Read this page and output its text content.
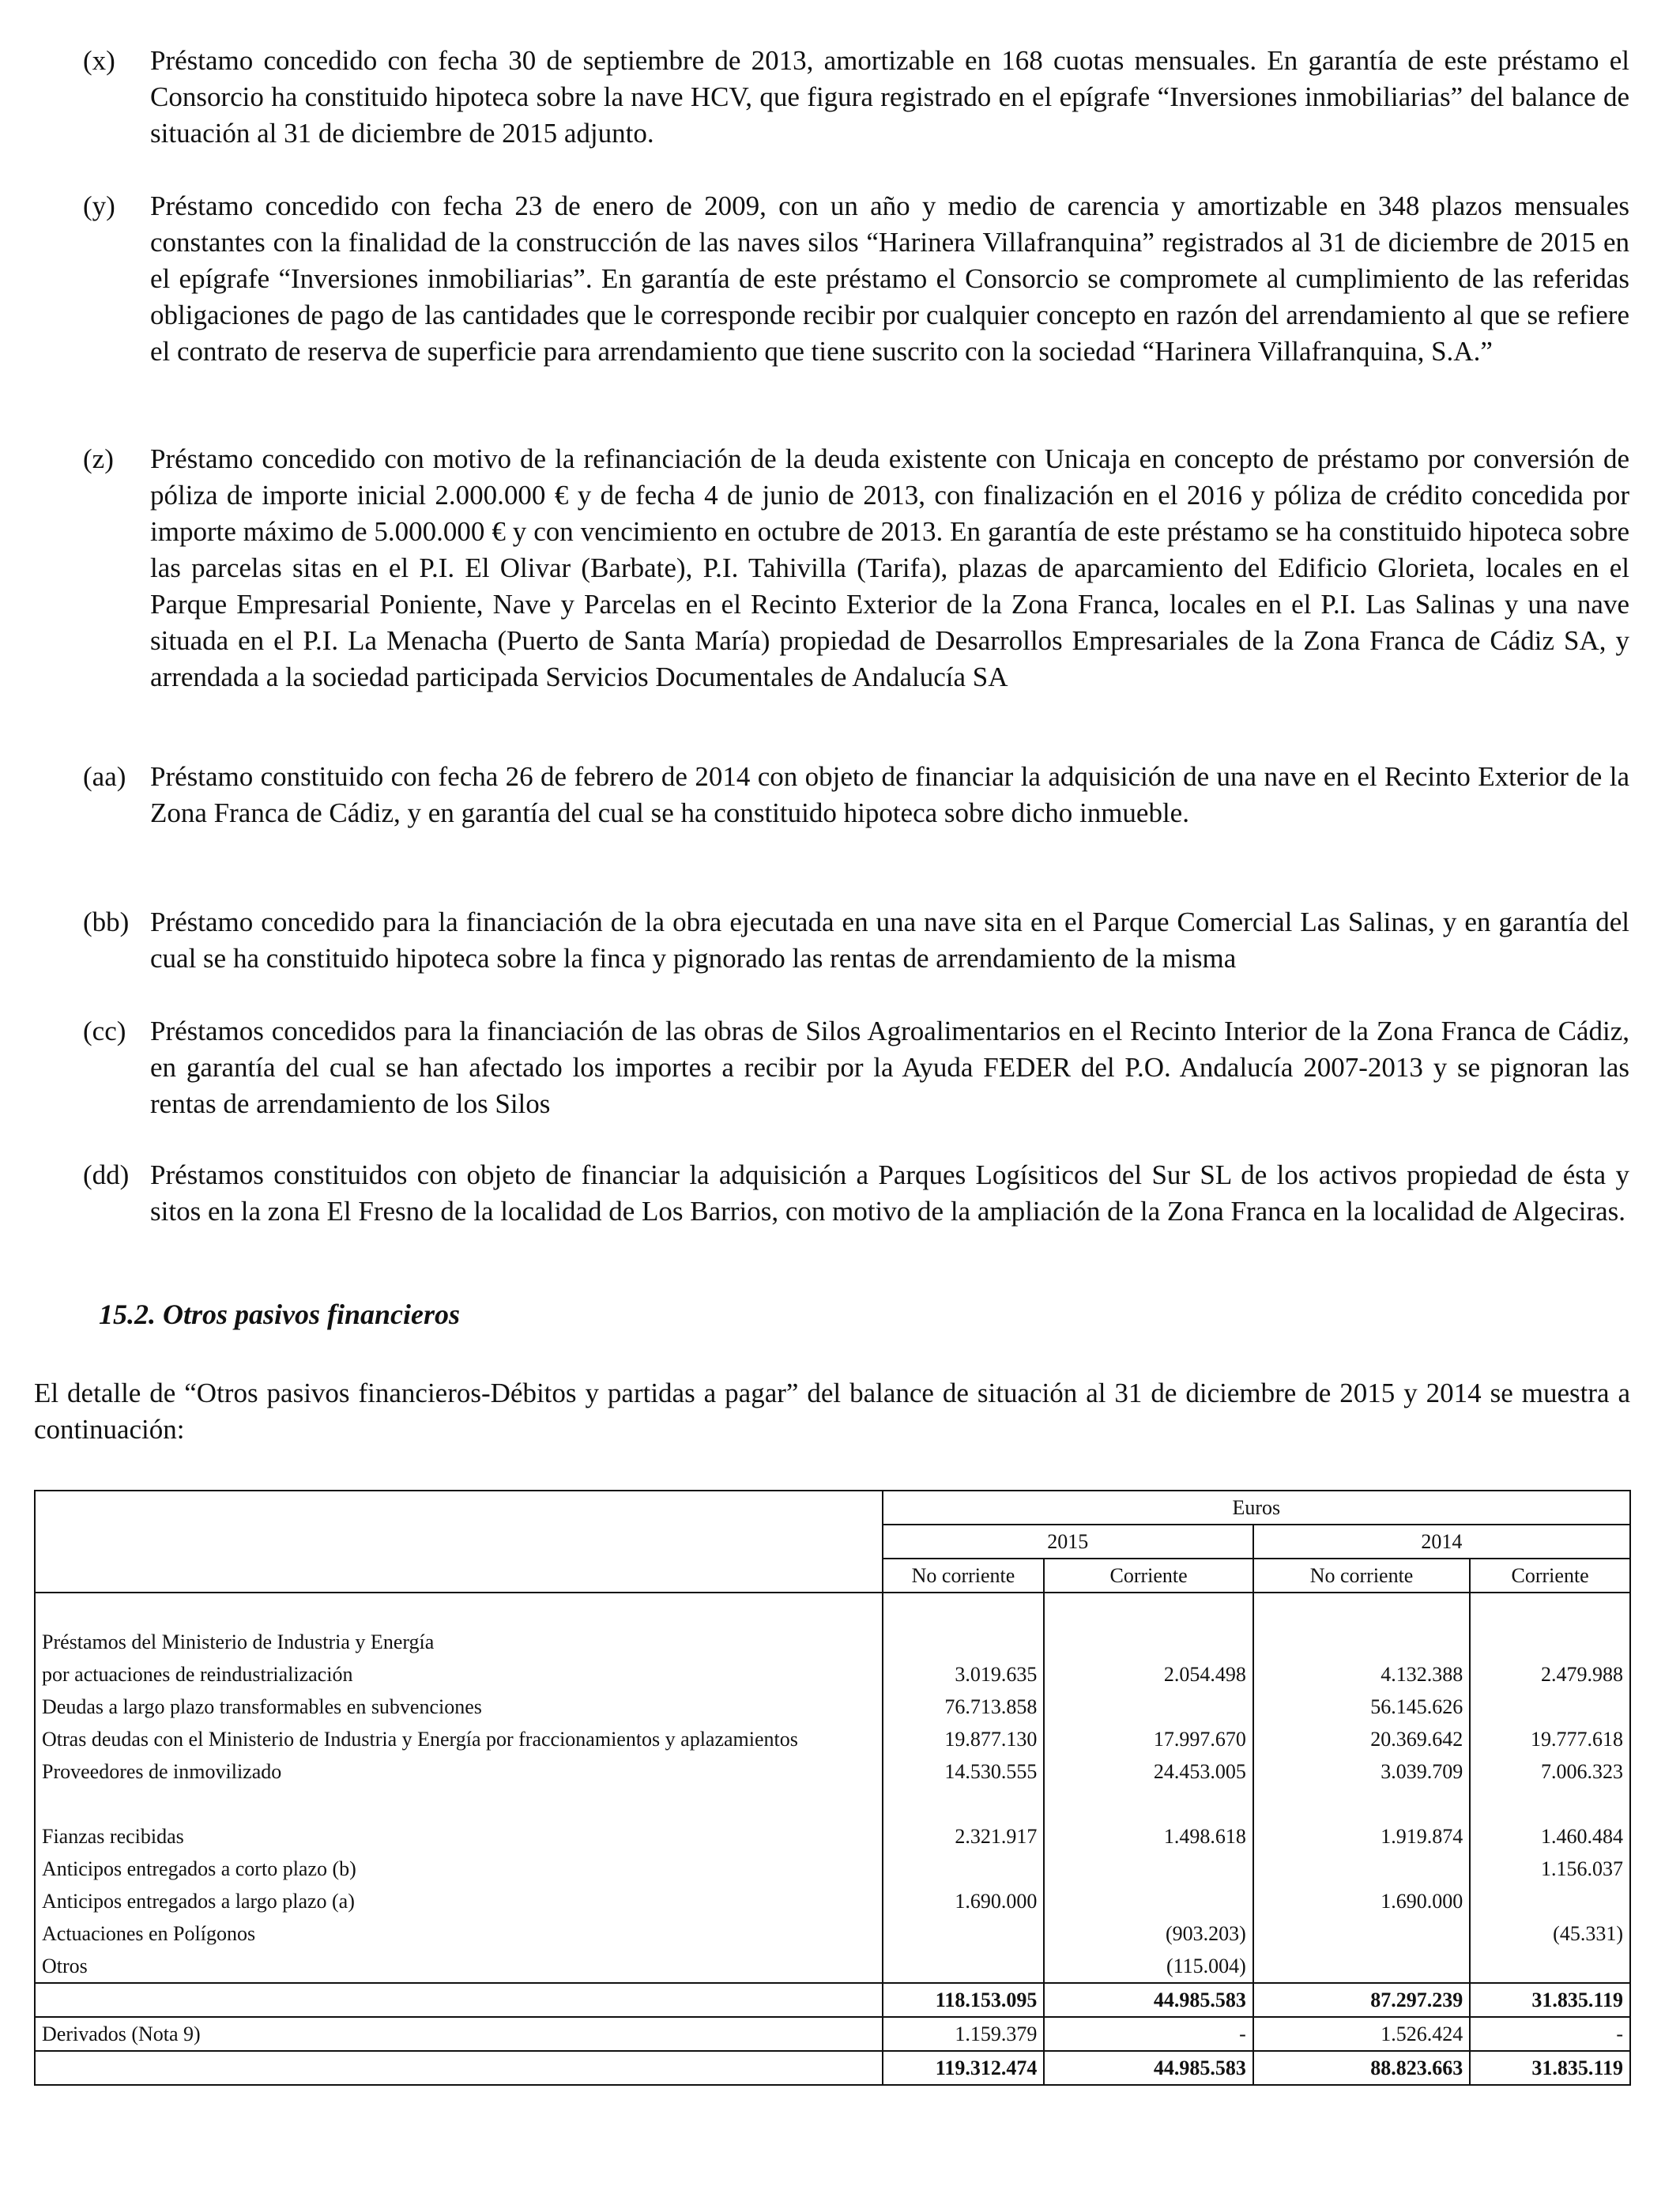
(x)	Préstamo concedido con fecha 30 de septiembre de 2013, amortizable en 168 cuotas mensuales. En garantía de este préstamo el Consorcio ha constituido hipoteca sobre la nave HCV, que figura registrado en el epígrafe “Inversiones inmobiliarias” del balance de situación al 31 de diciembre de 2015 adjunto.
(y)	Préstamo concedido con fecha 23 de enero de 2009, con un año y medio de carencia y amortizable en 348 plazos mensuales constantes con la finalidad de la construcción de las naves silos “Harinera Villafranquina” registrados al 31 de diciembre de 2015 en el epígrafe “Inversiones inmobiliarias”. En garantía de este préstamo el Consorcio se compromete al cumplimiento de las referidas obligaciones de pago de las cantidades que le corresponde recibir por cualquier concepto en razón del arrendamiento al que se refiere el contrato de reserva de superficie para arrendamiento que tiene suscrito con la sociedad “Harinera Villafranquina, S.A.”
(z)	Préstamo concedido con motivo de la refinanciación de la deuda existente con Unicaja en concepto de préstamo por conversión de póliza de importe inicial 2.000.000 € y de fecha 4 de junio de 2013, con finalización en el 2016 y póliza de crédito concedida por importe máximo de 5.000.000 € y con vencimiento en octubre de 2013. En garantía de este préstamo se ha constituido hipoteca sobre las parcelas sitas en el P.I. El Olivar (Barbate), P.I. Tahivilla (Tarifa), plazas de aparcamiento del Edificio Glorieta, locales en el Parque Empresarial Poniente, Nave y Parcelas en el Recinto Exterior de la Zona Franca, locales en el P.I. Las Salinas y una nave situada en el P.I. La Menacha (Puerto de Santa María) propiedad de Desarrollos Empresariales de la Zona Franca de Cádiz SA, y arrendada a la sociedad participada Servicios Documentales de Andalucía SA
(aa) Préstamo constituido con fecha 26 de febrero de 2014 con objeto de financiar la adquisición de una nave en el Recinto Exterior de la Zona Franca de Cádiz, y en garantía del cual se ha constituido hipoteca sobre dicho inmueble.
(bb) Préstamo concedido para la financiación de la obra ejecutada en una nave sita en el Parque Comercial Las Salinas, y en garantía del cual se ha constituido hipoteca sobre la finca y pignorado las rentas de arrendamiento de la misma
(cc) Préstamos concedidos para la financiación de las obras de Silos Agroalimentarios en el Recinto Interior de la Zona Franca de Cádiz, en garantía del cual se han afectado los importes a recibir por la Ayuda FEDER del P.O. Andalucía 2007-2013 y se pignoran las rentas de arrendamiento de los Silos
(dd) Préstamos constituidos con objeto de financiar la adquisición a Parques Logísiticos del Sur SL de los activos propiedad de ésta y sitos en la zona El Fresno de la localidad de Los Barrios, con motivo de la ampliación de la Zona Franca en la localidad de Algeciras.
15.2. Otros pasivos financieros
El detalle de “Otros pasivos financieros-Débitos y partidas a pagar” del balance de situación al 31 de diciembre de 2015 y 2014 se muestra a continuación:
	Euros			
	2015		2014	
	No corriente	Corriente	No corriente	Corriente

Préstamos del Ministerio de Industria y Energía				
por actuaciones de reindustrialización	3.019.635	2.054.498	4.132.388	2.479.988
Deudas a largo plazo transformables en subvenciones	76.713.858		56.145.626	
Otras deudas con el Ministerio de Industria y Energía por fraccionamientos y aplazamientos	19.877.130	17.997.670	20.369.642	19.777.618
Proveedores de inmovilizado	14.530.555	24.453.005	3.039.709	7.006.323

Fianzas recibidas	2.321.917	1.498.618	1.919.874	1.460.484
Anticipos entregados a corto plazo (b)				1.156.037
Anticipos entregados a largo plazo (a)	1.690.000		1.690.000	
Actuaciones en Polígonos		(903.203)		(45.331)
Otros		(115.004)		
	118.153.095	44.985.583	87.297.239	31.835.119
Derivados (Nota 9)	1.159.379	-	1.526.424	-
	119.312.474	44.985.583	88.823.663	31.835.119
